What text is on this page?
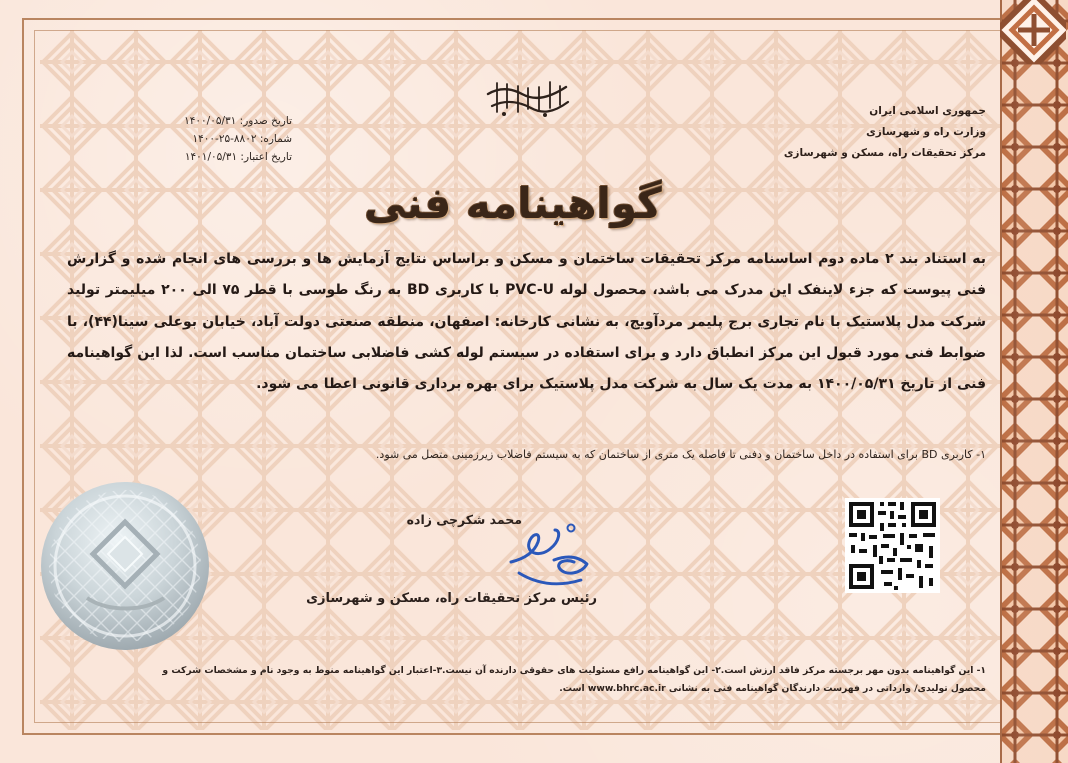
تاریخ صدور: ۱۴۰۰/۰۵/۳۱
شماره: ۸۸۰۲-۲۵-۱۴۰۰
تاریخ اعتبار: ۱۴۰۱/۰۵/۳۱
جمهوری اسلامی ایران
وزارت راه و شهرسازی
مرکز تحقیقات راه، مسکن و شهرسازی
گواهینامه فنی
به استناد بند ۲ ماده دوم اساسنامه مرکز تحقیقات ساختمان و مسکن و براساس نتایج آزمایش ها و بررسی های انجام شده و گزارش فنی پیوست که جزء لاینفک این مدرک می باشد، محصول لوله PVC-U با کاربری BD به رنگ طوسی با قطر ۷۵ الی ۲۰۰ میلیمتر تولید شرکت مدل پلاستیک با نام تجاری برج پلیمر مردآویج، به نشانی کارخانه: اصفهان، منطقه صنعتی دولت آباد، خیابان بوعلی سینا(۴۴)، با ضوابط فنی مورد قبول این مرکز انطباق دارد و برای استفاده در سیستم لوله کشی فاضلابی ساختمان مناسب است. لذا این گواهینامه فنی از تاریخ ۱۴۰۰/۰۵/۳۱ به مدت یک سال به شرکت مدل پلاستیک برای بهره برداری قانونی اعطا می شود.
۱- کاربری BD برای استفاده در داخل ساختمان و دفنی تا فاصله یک متری از ساختمان که به سیستم فاضلاب زیرزمینی متصل می شود.
محمد شکرچی زاده
رئیس مرکز تحقیقات راه، مسکن و شهرسازی
۱- این گواهینامه بدون مهر برجسته مرکز فاقد ارزش است.۲- این گواهینامه رافع مسئولیت های حقوقی دارنده آن نیست.۳-اعتبار این گواهینامه منوط به وجود نام و مشخصات شرکت و
محصول تولیدی/ وارداتی در فهرست دارندگان گواهینامه فنی به نشانی www.bhrc.ac.ir است.
